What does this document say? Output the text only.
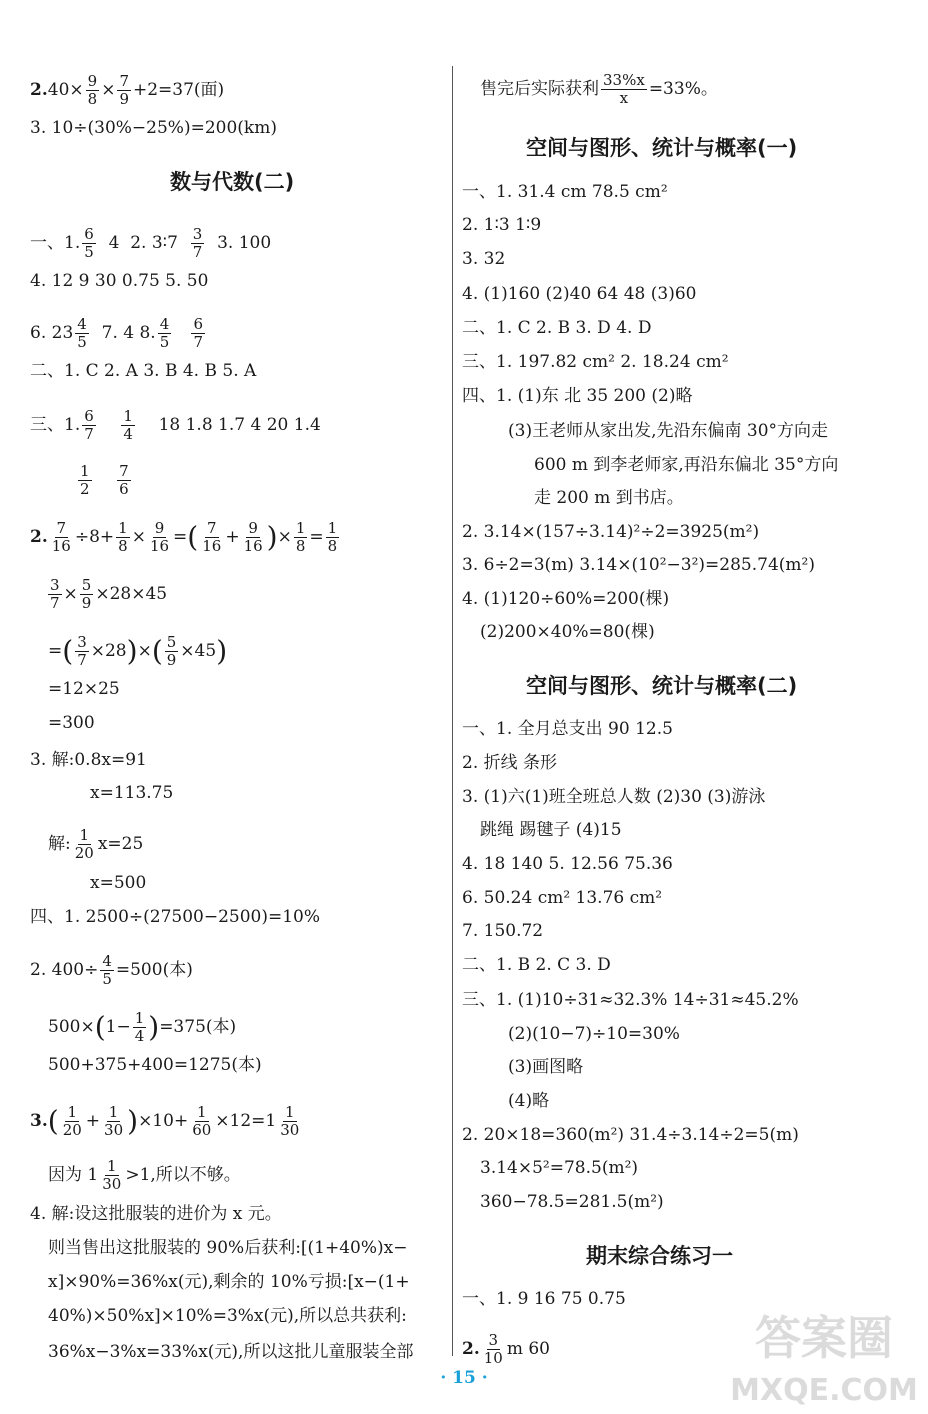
$2.40\times \frac{9}{8} \times \frac{7}{9} +2=37$(面)
3. 10÷(30%−25%)=200(km)
数与代数(二)
一、1. $\frac{6}{5} 4$ 2. 3∶7 $\frac{3}{7} 3$. 100
4. 12 9 30 0.75 5. 50
6. $23 \frac{4}{5} 7$. 4 8. $\frac{4}{5}$
$\frac{6}{7}$
二、1. C 2. A 3. B 4. B 5. A
三、1. $\frac{6}{7}$
$\frac{1}{4} 18$ 1.8 1.7 4 20 1.4
$\frac{1}{2}$
$\frac{7}{6}$
2. $\frac{7}{16} \div 8+ \frac{1}{8} \times \frac{9}{16}$ =( $\frac{7}{16} + \frac{9}{16}$ )× $\frac{1}{8} = \frac{1}{8}$
$\frac{3}{7} \times \frac{5}{9} \times 28\times 45$
=( $\frac{3}{7} \times 28)\times( \frac{5}{9} \times 45)$
=12×25
=300
3. 解:0.8x=91
x=113.75
解: $\frac{1}{20} x=25$
x=500
四、1. 2500÷(27500−2500)=10%
2. $400\div \frac{4}{5} =500$(本)
$500\times(1- \frac{1}{4} )=375$(本)
500+375+400=1275(本)
$3.( \frac{1}{20} + \frac{1}{30} )\times 10+ \frac{1}{60} \times 12=1 \frac{1}{30}$
因为 $1 \frac{1}{30} >1$,所以不够。
4. 解:设这批服装的进价为 x 元。
则当售出这批服装的 90%后获利:[(1+40%)x−
x]×90%=36%x(元),剩余的 10%亏损:[x−(1+
40%)×50%x]×10%=3%x(元),所以总共获利:
36%x−3%x=33%x(元),所以这批儿童服装全部
售完后实际获利 $\frac{33\%x}{x} =33\%$。
空间与图形、统计与概率(一)
一、1. 31.4 cm 78.5 cm²
2. 1∶3 1∶9
3. 32
4. (1)160 (2)40 64 48 (3)60
二、1. C 2. B 3. D 4. D
三、1. 197.82 cm² 2. 18.24 cm²
四、1. (1)东 北 35 200 (2)略
(3)王老师从家出发,先沿东偏南 30°方向走
600 m 到李老师家,再沿东偏北 35°方向
走 200 m 到书店。
2. 3.14×(157÷3.14)²÷2=3925(m²)
3. 6÷2=3(m) 3.14×(10²−3²)=285.74(m²)
4. (1)120÷60%=200(棵)
(2)200×40%=80(棵)
空间与图形、统计与概率(二)
一、1. 全月总支出 90 12.5
2. 折线 条形
3. (1)六(1)班全班总人数 (2)30 (3)游泳
跳绳 踢毽子 (4)15
4. 18 140 5. 12.56 75.36
6. 50.24 cm² 13.76 cm²
7. 150.72
二、1. B 2. C 3. D
三、1. (1)10÷31≈32.3% 14÷31≈45.2%
(2)(10−7)÷10=30%
(3)画图略
(4)略
2. 20×18=360(m²) 31.4÷3.14÷2=5(m)
3.14×5²=78.5(m²)
360−78.5=281.5(m²)
期末综合练习一
一、1. 9 16 75 0.75
2. $\frac{3}{10}$ m 60
· 15 ·
答案圈
MXQE.COM
